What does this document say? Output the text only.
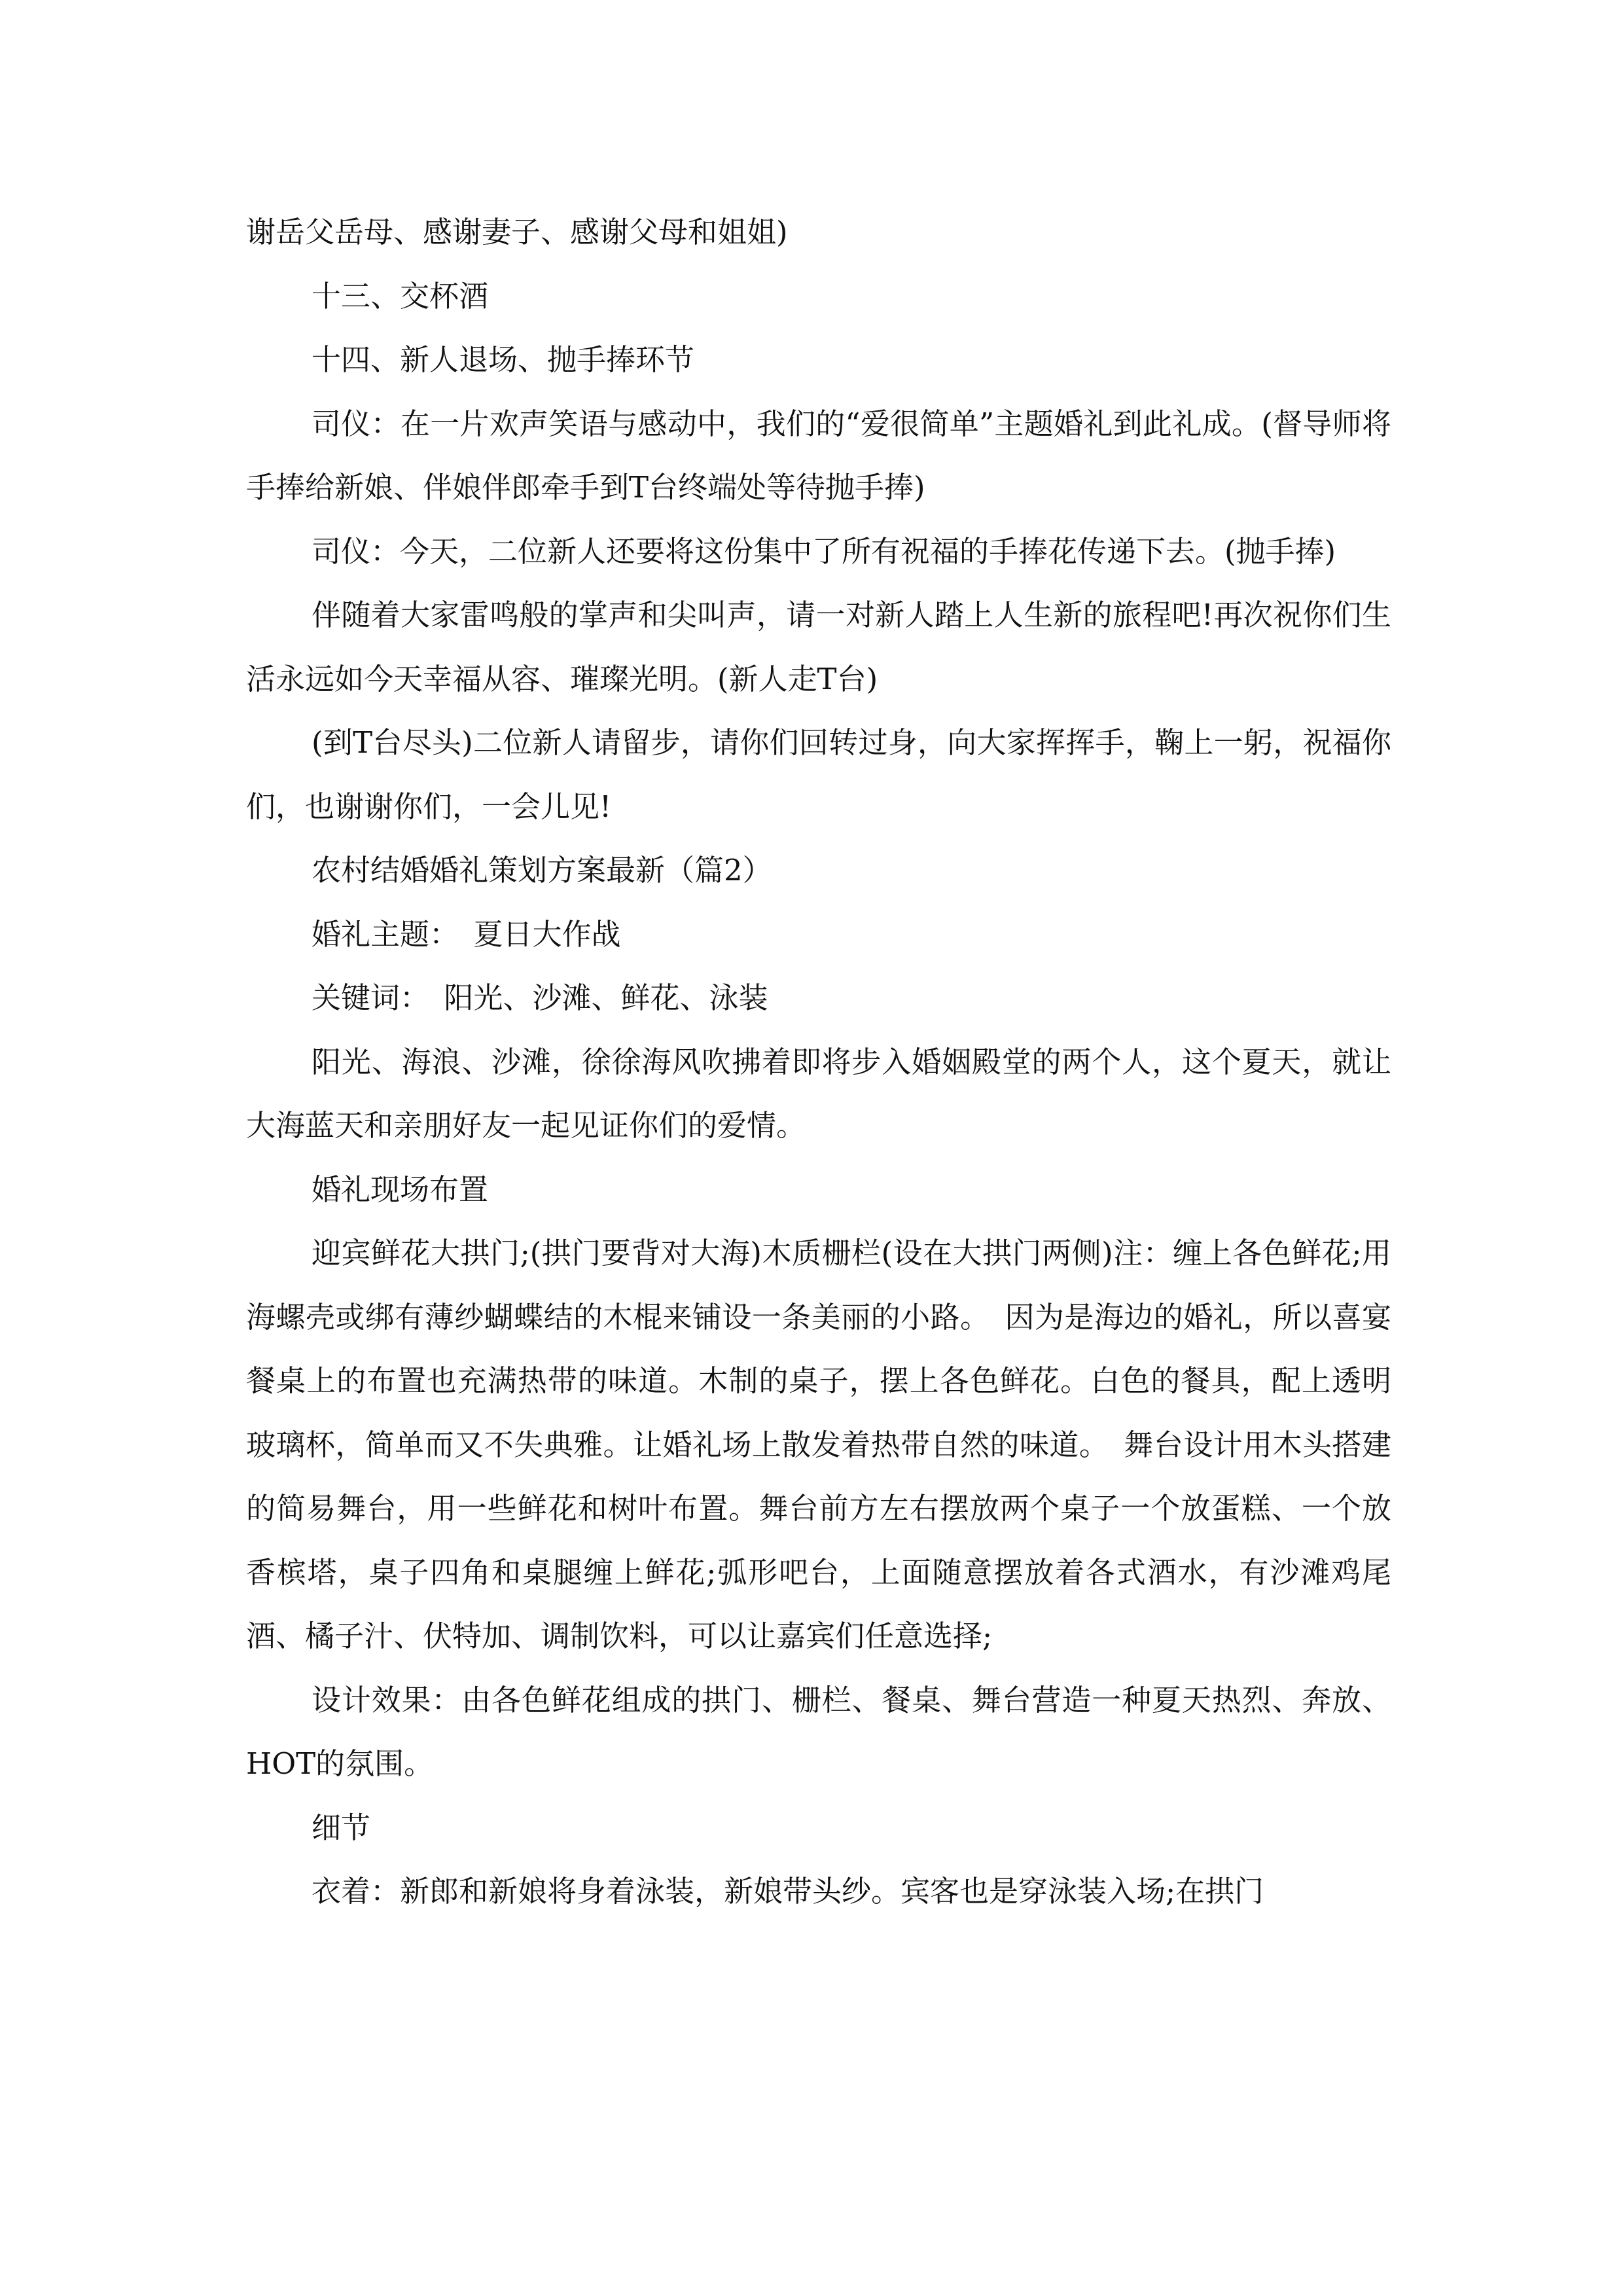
谢岳父岳母、感谢妻子、感谢父母和姐姐)

十三、交杯酒

十四、新人退场、抛手捧环节

司仪：在一片欢声笑语与感动中，我们的“爱很简单”主题婚礼到此礼成。(督导师将手捧给新娘、伴娘伴郎牵手到T台终端处等待抛手捧)

司仪：今天，二位新人还要将这份集中了所有祝福的手捧花传递下去。(抛手捧)

伴随着大家雷鸣般的掌声和尖叫声，请一对新人踏上人生新的旅程吧!再次祝你们生活永远如今天幸福从容、璀璨光明。(新人走T台)

(到T台尽头)二位新人请留步，请你们回转过身，向大家挥挥手，鞠上一躬，祝福你们，也谢谢你们，一会儿见!

农村结婚婚礼策划方案最新（篇2）

婚礼主题：　夏日大作战

关键词：　阳光、沙滩、鲜花、泳装

阳光、海浪、沙滩，徐徐海风吹拂着即将步入婚姻殿堂的两个人，这个夏天，就让大海蓝天和亲朋好友一起见证你们的爱情。

婚礼现场布置

迎宾鲜花大拱门;(拱门要背对大海)木质栅栏(设在大拱门两侧)注：缠上各色鲜花;用海螺壳或绑有薄纱蝴蝶结的木棍来铺设一条美丽的小路。　因为是海边的婚礼，所以喜宴餐桌上的布置也充满热带的味道。木制的桌子，摆上各色鲜花。白色的餐具，配上透明玻璃杯，简单而又不失典雅。让婚礼场上散发着热带自然的味道。　舞台设计用木头搭建的简易舞台，用一些鲜花和树叶布置。舞台前方左右摆放两个桌子一个放蛋糕、一个放香槟塔，桌子四角和桌腿缠上鲜花;弧形吧台，上面随意摆放着各式酒水，有沙滩鸡尾酒、橘子汁、伏特加、调制饮料，可以让嘉宾们任意选择;

设计效果：由各色鲜花组成的拱门、栅栏、餐桌、舞台营造一种夏天热烈、奔放、HOT的氛围。

细节

衣着：新郎和新娘将身着泳装，新娘带头纱。宾客也是穿泳装入场;在拱门
